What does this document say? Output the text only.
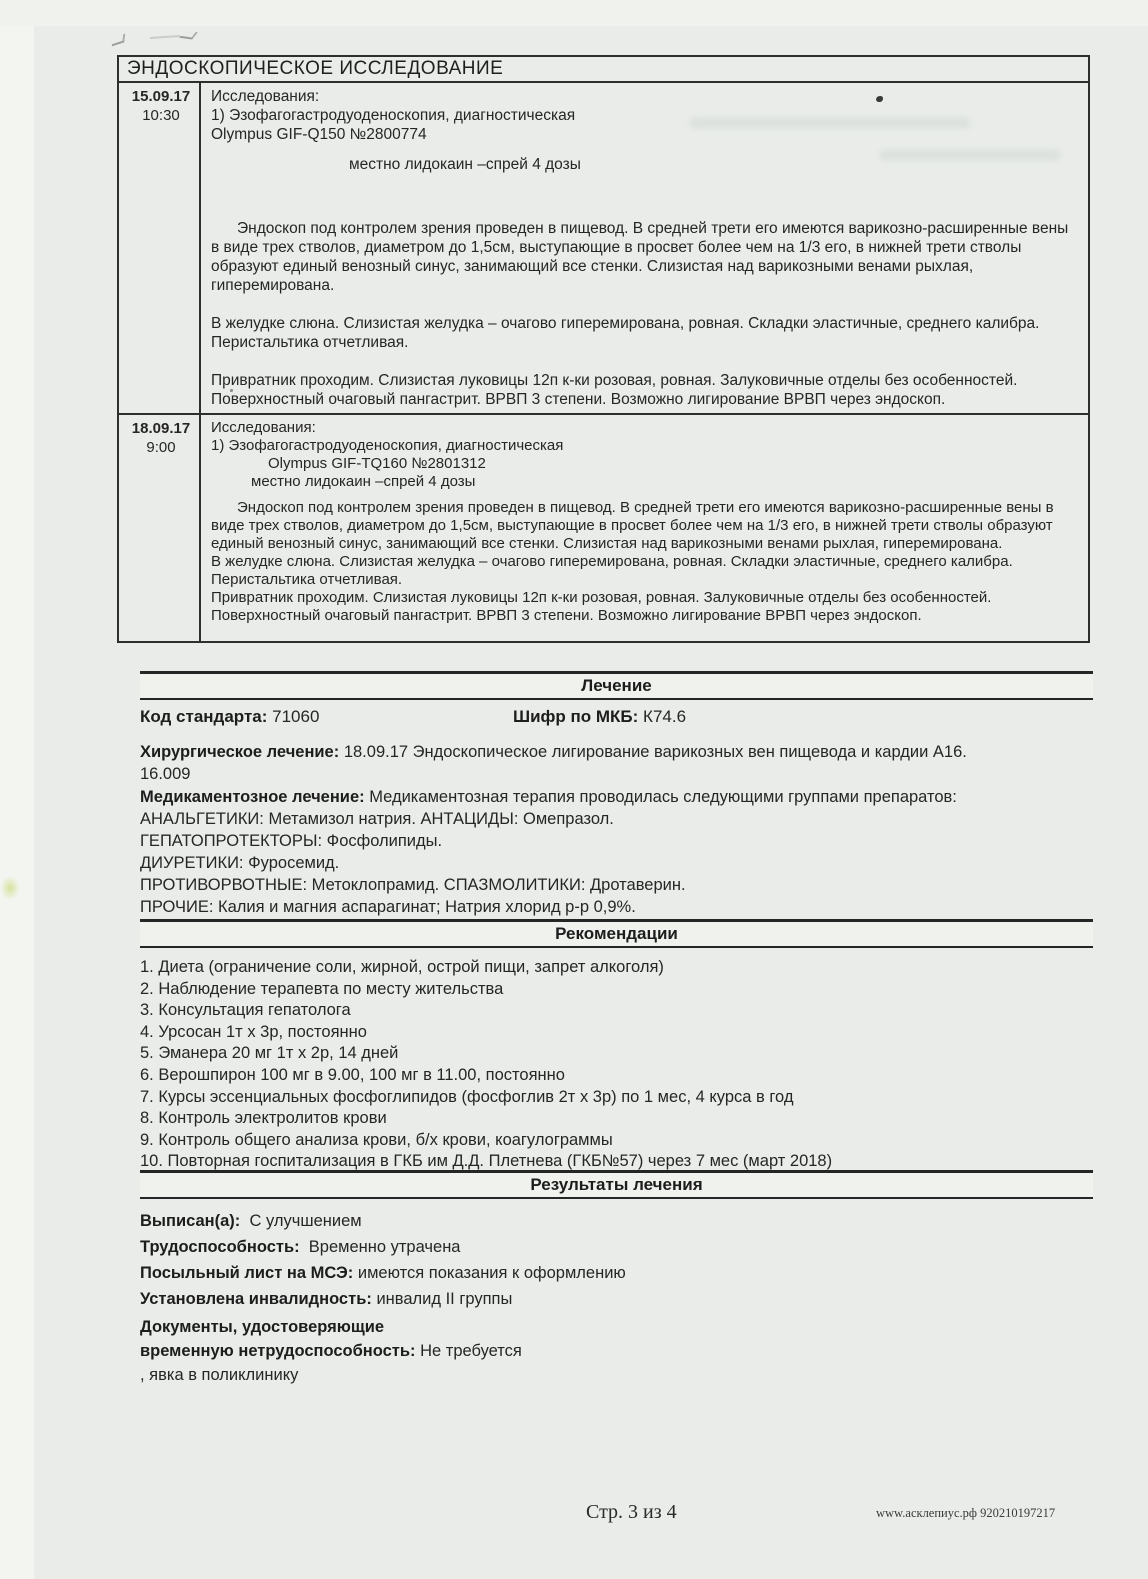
ЭНДОСКОПИЧЕСКОЕ ИССЛЕДОВАНИЕ
15.09.17
10:30
Исследования:
1) Эзофагогастродуоденоскопия, диагностическая
Olympus GIF-Q150 №2800774
местно лидокаин –спрей 4 дозы
Эндоскоп под контролем зрения проведен в пищевод. В средней трети его имеются варикозно-расширенные вены в виде трех стволов, диаметром до 1,5см, выступающие в просвет более чем на 1/3 его, в нижней трети стволы образуют единый венозный синус, занимающий все стенки. Слизистая над варикозными венами рыхлая, гиперемирована.
В желудке слюна. Слизистая желудка – очагово гиперемирована, ровная. Складки эластичные, среднего калибра. Перистальтика отчетливая.
Привратник проходим. Слизистая луковицы 12п к-ки розовая, ровная. Залуковичные отделы без особенностей. Поверхностный очаговый пангастрит. ВРВП 3 степени. Возможно лигирование ВРВП через эндоскоп.
18.09.17
9:00
Исследования:
1) Эзофагогастродуоденоскопия, диагностическая
Olympus GIF-TQ160 №2801312
местно лидокаин –спрей 4 дозы
Эндоскоп под контролем зрения проведен в пищевод. В средней трети его имеются варикозно-расширенные вены в виде трех стволов, диаметром до 1,5см, выступающие в просвет более чем на 1/3 его, в нижней трети стволы образуют единый венозный синус, занимающий все стенки. Слизистая над варикозными венами рыхлая, гиперемирована.
В желудке слюна. Слизистая желудка – очагово гиперемирована, ровная. Складки эластичные, среднего калибра. Перистальтика отчетливая.
Привратник проходим. Слизистая луковицы 12п к-ки розовая, ровная. Залуковичные отделы без особенностей. Поверхностный очаговый пангастрит. ВРВП 3 степени. Возможно лигирование ВРВП через эндоскоп.
Лечение
Код стандарта: 71060	Шифр по МКБ: К74.6
Хирургическое лечение: 18.09.17 Эндоскопическое лигирование варикозных вен пищевода и кардии А16.
16.009
Медикаментозное лечение: Медикаментозная терапия проводилась следующими группами препаратов:
АНАЛЬГЕТИКИ: Метамизол натрия. АНТАЦИДЫ: Омепразол.
ГЕПАТОПРОТЕКТОРЫ: Фосфолипиды.
ДИУРЕТИКИ: Фуросемид.
ПРОТИВОРВОТНЫЕ: Метоклопрамид. СПАЗМОЛИТИКИ: Дротаверин.
ПРОЧИЕ: Калия и магния аспарагинат; Натрия хлорид р-р 0,9%.
Рекомендации
1. Диета (ограничение соли, жирной, острой пищи, запрет алкоголя)
2. Наблюдение терапевта по месту жительства
3. Консультация гепатолога
4. Урсосан 1т х 3р, постоянно
5. Эманера 20 мг 1т х 2р, 14 дней
6. Верошпирон 100 мг в 9.00, 100 мг в 11.00, постоянно
7. Курсы эссенциальных фосфоглипидов (фосфоглив 2т х 3р) по 1 мес, 4 курса в год
8. Контроль электролитов крови
9. Контроль общего анализа крови, б/х крови, коагулограммы
10. Повторная госпитализация в ГКБ им Д.Д. Плетнева (ГКБ№57) через 7 мес (март 2018)
Результаты лечения
Выписан(а): С улучшением
Трудоспособность: Временно утрачена
Посыльный лист на МСЭ: имеются показания к оформлению
Установлена инвалидность: инвалид II группы
Документы, удостоверяющие
временную нетрудоспособность: Не требуется
, явка в поликлинику
Стр. 3 из 4	www.асклепиус.рф 920210197217
